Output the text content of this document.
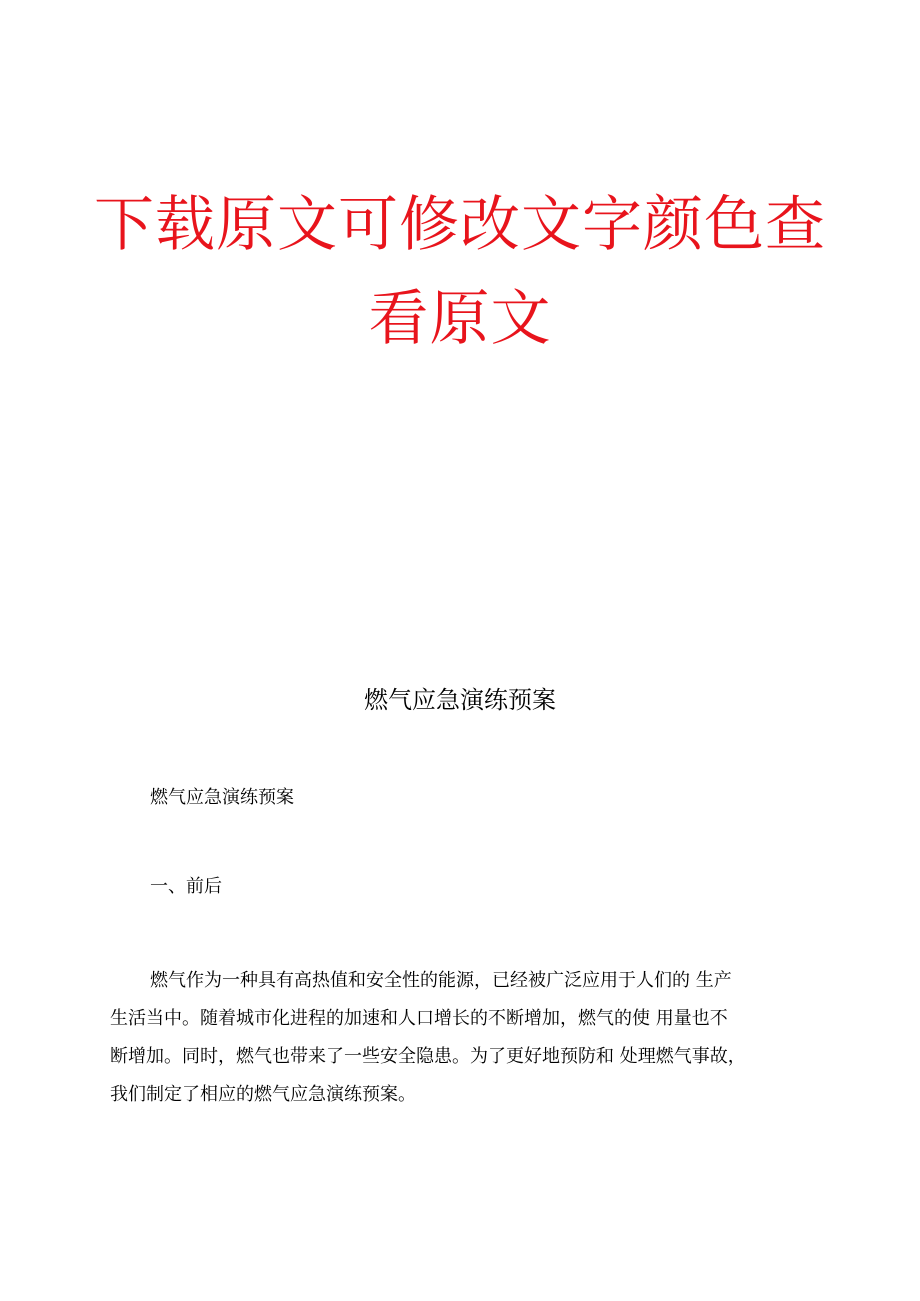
下载原文可修改文字颜色查
看原文
燃气应急演练预案
燃气应急演练预案
一、前后
燃气作为一种具有高热值和安全性的能源，已经被广泛应用于人们的 生产
生活当中。随着城市化进程的加速和人口增长的不断增加，燃气的使 用量也不
断增加。同时，燃气也带来了一些安全隐患。为了更好地预防和 处理燃气事故，
我们制定了相应的燃气应急演练预案。
